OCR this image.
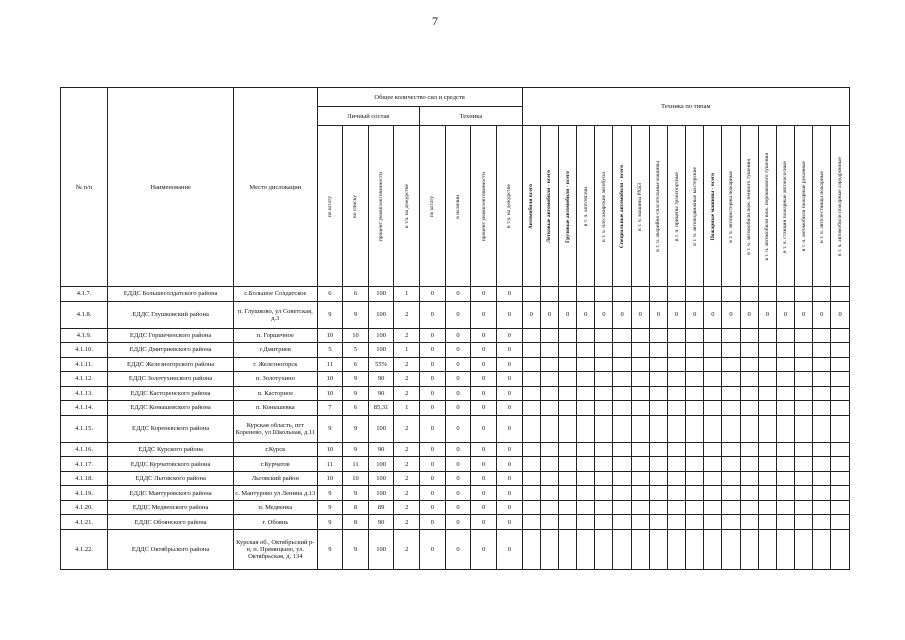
7
№ п/п	Наименование	Место дислокации	Общее количество сил и средств								Техника по типам																	
			Личный состав				Техника																					
			по штату	по списку	процент укомплектованности	в т.ч. на дежурстве	по штату	в наличии	процент укомплектованности	в т.ч. на дежурстве	Автомобили всего	Легковые автомобили - всего	Грузовые автомобили - всего	в т. ч. автотягачи	в т. ч. пассажирские автобусы	Специальные автомобили - всего	в т. ч. машины РХБЗ	в т. ч. аварийно-спасательные машины	в т. ч. прицепы транспортные	в т. ч. автоподвижные мастерские	Пожарные машины - всего	в т. ч. автоцистерны пожарные	в т. ч. автомобили пож. пенного тушения	в т. ч. автомобили пож. порошкового тушения	в т. ч. станции пожарные автонасосные	в т. ч. автомобили пожарные рукавные	в т. ч. автолестницы пожарные	в т. ч. автомобили пожарные аэродромные
4.1.7.	ЕДДС Большесолдатского района	с.Большое Солдатское	6	6	100	1	0	0	0	0																		
4.1.8.	ЕДДС Глушковский района	п. Глушково, ул Советская, д.3	9	9	100	2	0	0	0	0	0	0	0	0	0	0	0	0	0	0	0	0	0	0	0	0	0	0
4.1.9.	ЕДДС Горшеченского района	п. Горшечное	10	10	100	2	0	0	0	0																		
4.1.10.	ЕДДС Дмитриевского района	г.Дмитриев	5	5	100	1	0	0	0	0																		
4.1.11.	ЕДДС Железногорского района	г. Железногорск	11	6	55%	2	0	0	0	0																		
4.1.12.	ЕДДС Золотухинского района	п. Золотухино	10	9	90	2	0	0	0	0																		
4.1.13.	ЕДДС Касторенского района	п. Касторное	10	9	90	2	0	0	0	0																		
4.1.14.	ЕДДС Конышевского района	п. Конышевка	7	6	85,31	1	0	0	0	0																		
4.1.15.	ЕДДС Кореневского района	Курская область, пгт Коренево, ул Школьная, д.11	9	9	100	2	0	0	0	0																		
4.1.16.	ЕДДС Курского района	г.Курск	10	9	90	2	0	0	0	0																		
4.1.17.	ЕДДС Курчатовского района	г.Курчатов	11	11	100	2	0	0	0	0																		
4.1.18.	ЕДДС Льговского района	Льговский район	10	10	100	2	0	0	0	0																		
4.1.19.	ЕДДС Мантуровского района	с. Мантурово ул Ленина д.13	9	9	100	2	0	0	0	0																		
4.1.20.	ЕДДС Медвенского района	п. Медвенка	9	8	89	2	0	0	0	0																		
4.1.21.	ЕДДС Обоянского района	г. Обоянь	9	8	90	2	0	0	0	0																		
4.1.22.	ЕДДС Октябрьского района	Курская об., Октябрьский р-н, п. Прямицыно, ул. Октябрьская, д. 134	9	9	100	2	0	0	0	0																		
